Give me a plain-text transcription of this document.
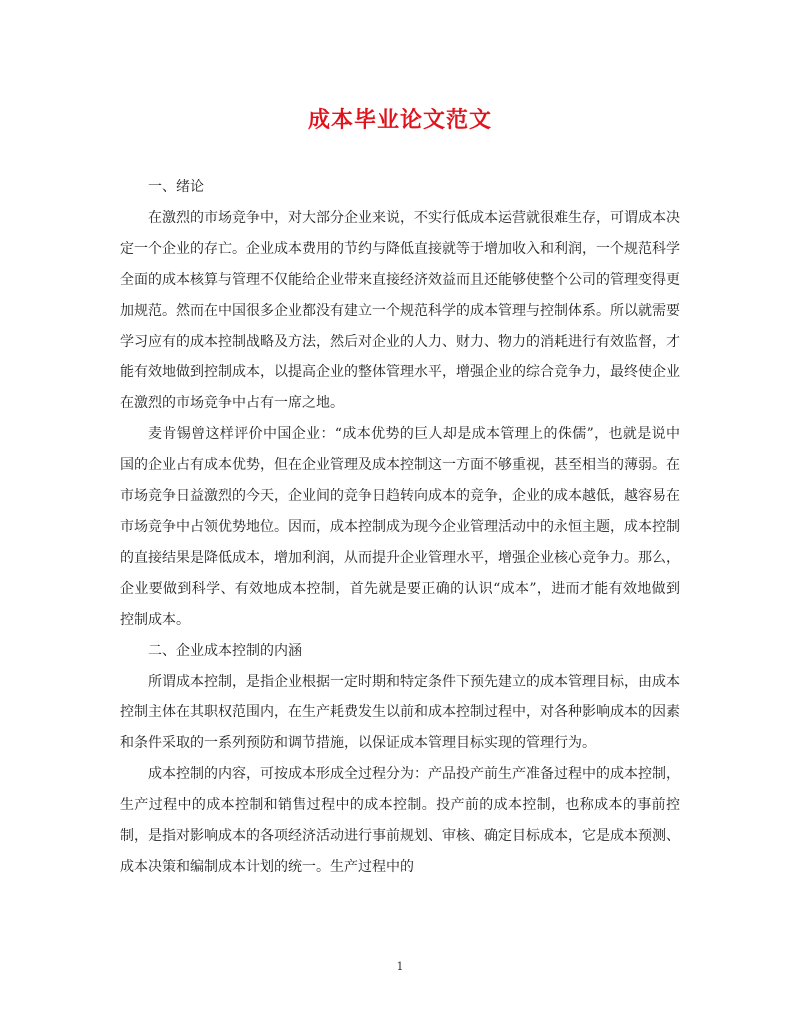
成本毕业论文范文

一、绪论

在激烈的市场竞争中，对大部分企业来说，不实行低成本运营就很难生存，可谓成本决定一个企业的存亡。企业成本费用的节约与降低直接就等于增加收入和利润，一个规范科学全面的成本核算与管理不仅能给企业带来直接经济效益而且还能够使整个公司的管理变得更加规范。然而在中国很多企业都没有建立一个规范科学的成本管理与控制体系。所以就需要学习应有的成本控制战略及方法，然后对企业的人力、财力、物力的消耗进行有效监督，才能有效地做到控制成本，以提高企业的整体管理水平，增强企业的综合竞争力，最终使企业在激烈的市场竞争中占有一席之地。

麦肯锡曾这样评价中国企业：“成本优势的巨人却是成本管理上的侏儒”，也就是说中国的企业占有成本优势，但在企业管理及成本控制这一方面不够重视，甚至相当的薄弱。在市场竞争日益激烈的今天，企业间的竞争日趋转向成本的竞争，企业的成本越低，越容易在市场竞争中占领优势地位。因而，成本控制成为现今企业管理活动中的永恒主题，成本控制的直接结果是降低成本，增加利润，从而提升企业管理水平，增强企业核心竞争力。那么，企业要做到科学、有效地成本控制，首先就是要正确的认识“成本”，进而才能有效地做到控制成本。

二、企业成本控制的内涵

所谓成本控制，是指企业根据一定时期和特定条件下预先建立的成本管理目标，由成本控制主体在其职权范围内，在生产耗费发生以前和成本控制过程中，对各种影响成本的因素和条件采取的一系列预防和调节措施，以保证成本管理目标实现的管理行为。

成本控制的内容，可按成本形成全过程分为：产品投产前生产准备过程中的成本控制，生产过程中的成本控制和销售过程中的成本控制。投产前的成本控制，也称成本的事前控制，是指对影响成本的各项经济活动进行事前规划、审核、确定目标成本，它是成本预测、成本决策和编制成本计划的统一。生产过程中的

1
